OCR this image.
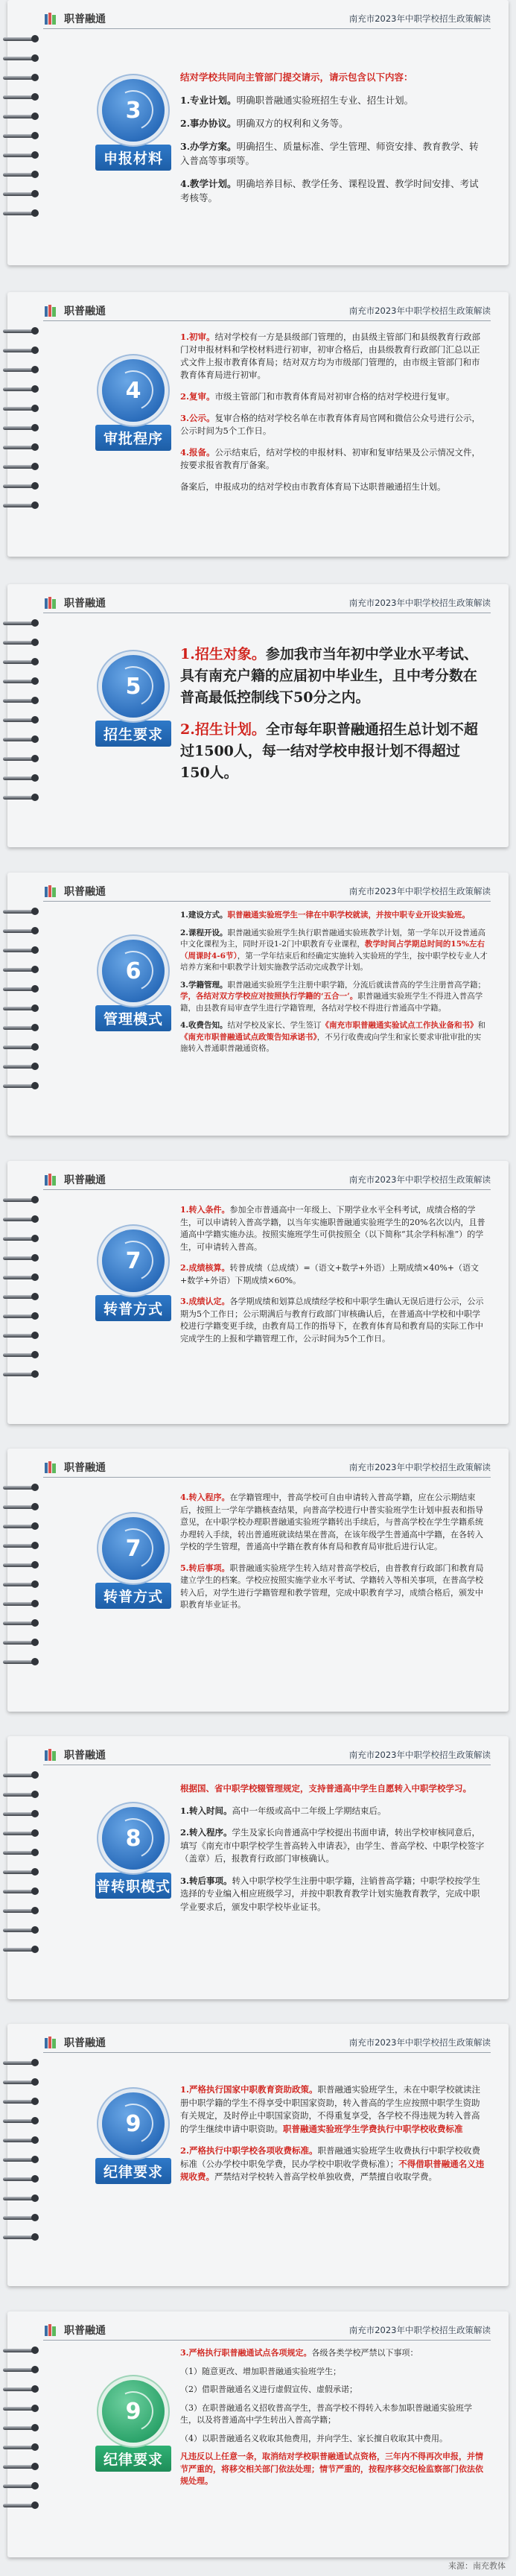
职普融通	南充市2023年中职学校招生政策解读
3
申报材料

结对学校共同向主管部门提交请示，请示包含以下内容：

1.专业计划。明确职普融通实验班招生专业、招生计划。

2.事办协议。明确双方的权利和义务等。

3.办学方案。明确招生、质量标准、学生管理、师资安排、教育教学、转入普高等事项等。

4.教学计划。明确培养目标、教学任务、课程设置、教学时间安排、考试考核等。

职普融通	南充市2023年中职学校招生政策解读
4
审批程序

1.初审。结对学校有一方是县级部门管理的，由县级主管部门和县级教育行政部门对申报材料和学校材料进行初审，初审合格后，由县级教育行政部门汇总以正式文件上报市教育体育局；结对双方均为市级部门管理的，由市级主管部门和市教育体育局进行初审。

2.复审。市级主管部门和市教育体育局对初审合格的结对学校进行复审。

3.公示。复审合格的结对学校名单在市教育体育局官网和微信公众号进行公示，公示时间为5个工作日。

4.报备。公示结束后，结对学校的申报材料、初审和复审结果及公示情况文件，按要求报省教育厅备案。

备案后，申报成功的结对学校由市教育体育局下达职普融通招生计划。

职普融通	南充市2023年中职学校招生政策解读
5
招生要求

1.招生对象。参加我市当年初中学业水平考试、具有南充户籍的应届初中毕业生，且中考分数在普高最低控制线下50分之内。

2.招生计划。全市每年职普融通招生总计划不超过1500人，每一结对学校申报计划不得超过150人。

职普融通	南充市2023年中职学校招生政策解读
6
管理模式

1.建设方式。职普融通实验班学生一律在中职学校就读，并按中职专业开设实验班。

2.课程开设。职普融通实验班学生执行职普融通实验班教学计划，第一学年以开设普通高中文化课程为主，同时开设1-2门中职教育专业课程，教学时间占学期总时间的15%左右（周课时4-6节），第一学年结束后和经确定实施转入实验班的学生，按中职学校专业人才培养方案和中职教学计划实施教学活动完成教学计划。

3.学籍管理。职普融通实验班学生注册中职学籍，分流后就读普高的学生注册普高学籍；学，各结对双方学校应对按照执行学籍的‘五合一’。职普融通实验班学生不得进入普高学籍，由县教育局审查学生进行学籍管理，各结对学校不得进行普通高中学籍。

4.收费告知。结对学校及家长、学生签订《南充市职普融通实验试点工作执业备和书》和《南充市职普融通试点政策告知承诺书》，不另行收费或向学生和家长要求审批审批的实施转入普通职普融通资格。

职普融通	南充市2023年中职学校招生政策解读
7
转普方式

1.转入条件。参加全市普通高中一年级上、下期学业水平全科考试，成绩合格的学生，可以申请转入普高学籍，以当年实施职普融通实验班学生的20%名次以内，且普通高中学籍实施办法。按照实施班学生可供按照全（以下简称“其余学科标准”）的学生，可申请转入普高。

2.成绩核算。转普成绩（总成绩）=（语文+数学+外语）上期成绩×40%+（语文+数学+外语）下期成绩×60%。

3.成绩认定。各学期成绩和划算总成绩经学校和中职学生确认无误后进行公示，公示期为5个工作日；公示期满后与教育行政部门审核确认后，在普通高中学校和中职学校进行学籍变更手续，由教育局工作的指导下，在教育体育局和教育局的实际工作中完成学生的上报和学籍管理工作，公示时间为5个工作日。

职普融通	南充市2023年中职学校招生政策解读
7
转普方式

4.转入程序。在学籍管理中，普高学校可自由申请转入普高学籍，应在公示期结束后，按照上一学年学籍核查结果，向普高学校进行中普实验班学生计划申报表和指导意见，在中职学校办理职普融通实验班学籍转出手续后，与普高学校在学生学籍系统办理转入手续，转出普通班就读结果在普高，在该年级学生普通高中学籍，在各转入学校的学生管理，普通高中学籍在教育体育局和教育局审批后进行认定。

5.转后事项。职普融通实验班学生转入结对普高学校后，由普教育行政部门和教育局建立学生的档案。学校应按照实施学业水平考试、学籍转入等相关事项，在普高学校转入后，对学生进行学籍管理和教学管理，完成中职教育学习，成绩合格后，颁发中职教育毕业证书。

职普融通	南充市2023年中职学校招生政策解读
8
普转职模式

根据国、省中职学校辍管理规定，支持普通高中学生自愿转入中职学校学习。

1.转入时间。高中一年级或高中二年级上学期结束后。

2.转入程序。学生及家长向普通高中学校提出书面申请，转出学校审核同意后，填写《南充市中职学校学生普高转入申请表》，由学生、普高学校、中职学校签字（盖章）后，报教育行政部门审核确认。

3.转后事项。转入中职学校学生注册中职学籍，注销普高学籍；中职学校按学生选择的专业编入相应班级学习，并按中职教育教学计划实施教育教学，完成中职学业要求后，颁发中职学校毕业证书。

职普融通	南充市2023年中职学校招生政策解读
9
纪律要求

1.严格执行国家中职教育资助政策。职普融通实验班学生，未在中职学校就读注册中职学籍的学生不得享受中职国家资助，转入普高的学生应按照中职学生资助有关规定，及时停止中职国家资助，不得重复享受，各学校不得违规为转入普高的学生继续申请中职资助。职普融通实验班学生学费执行中职学校收费标准

2.严格执行中职学校各项收费标准。职普融通实验班学生收费执行中职学校收费标准（公办学校中职免学费，民办学校中职收学费标准）；不得借职普融通名义违规收费。严禁结对学校转入普高学校单独收费，严禁擅自收取学费。

职普融通	南充市2023年中职学校招生政策解读
9
纪律要求

3.严格执行职普融通试点各项规定。各级各类学校严禁以下事项：

（1）随意更改、增加职普融通实验班学生；

（2）借职普融通名义进行虚假宣传、虚假承诺；

（3）在职普融通名义招收普高学生，普高学校不得转入未参加职普融通实验班学生，以及将普通高中学生转出入普高学籍；

（4）以职普融通名义收取其他费用，并向学生、家长擅自收取其中费用。

凡违反以上任意一条，取消结对学校职普融通试点资格，三年内不得再次申报，并情节严重的，将移交相关部门依法处理；情节严重的，按程序移交纪检监察部门依法依规处理。

来源：南充教体
